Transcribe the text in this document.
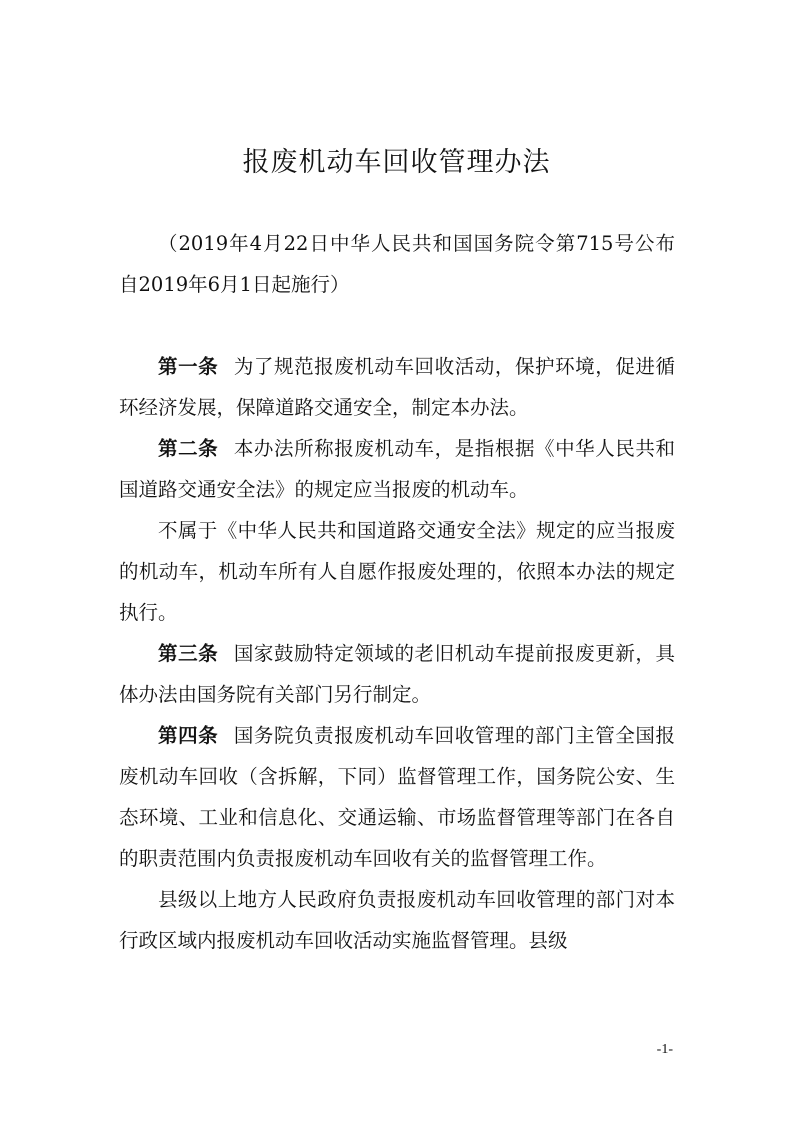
报废机动车回收管理办法

（2019年4月22日中华人民共和国国务院令第715号公布　自2019年6月1日起施行）

第一条 为了规范报废机动车回收活动，保护环境，促进循环经济发展，保障道路交通安全，制定本办法。

第二条 本办法所称报废机动车，是指根据《中华人民共和国道路交通安全法》的规定应当报废的机动车。

不属于《中华人民共和国道路交通安全法》规定的应当报废的机动车，机动车所有人自愿作报废处理的，依照本办法的规定执行。

第三条 国家鼓励特定领域的老旧机动车提前报废更新，具体办法由国务院有关部门另行制定。

第四条 国务院负责报废机动车回收管理的部门主管全国报废机动车回收（含拆解，下同）监督管理工作，国务院公安、生态环境、工业和信息化、交通运输、市场监督管理等部门在各自的职责范围内负责报废机动车回收有关的监督管理工作。

县级以上地方人民政府负责报废机动车回收管理的部门对本行政区域内报废机动车回收活动实施监督管理。县级

-1-
